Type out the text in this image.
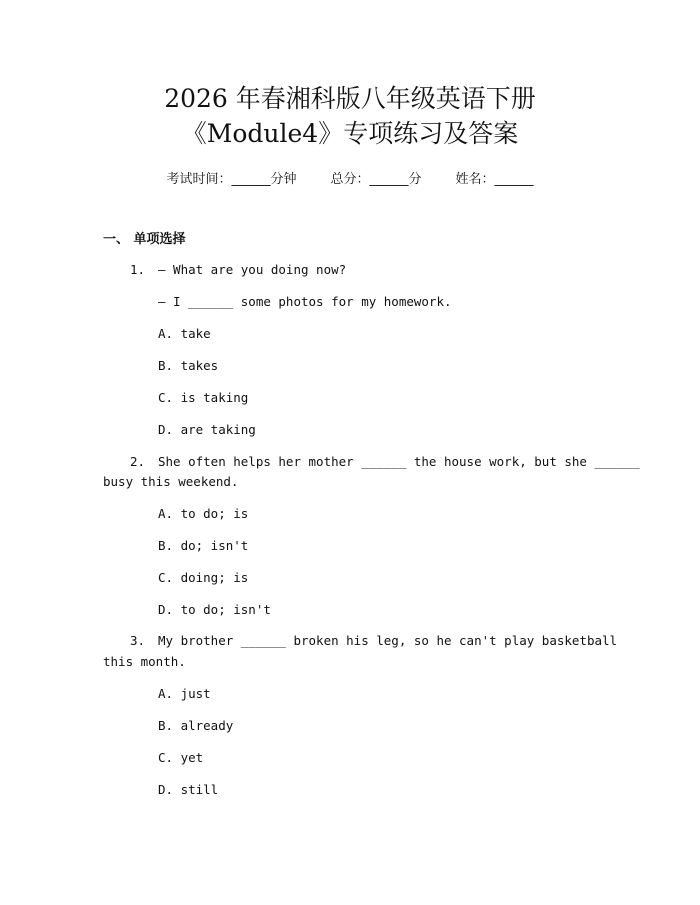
2026 年春湘科版八年级英语下册
《Module4》专项练习及答案
考试时间：______分钟	总分：______分	姓名：______
一、 单项选择
1. — What are you doing now?
— I ______ some photos for my homework.
A. take
B. takes
C. is taking
D. are taking
2. She often helps her mother ______ the house work, but she ______
busy this weekend.
A. to do; is
B. do; isn't
C. doing; is
D. to do; isn't
3. My brother ______ broken his leg, so he can't play basketball
this month.
A. just
B. already
C. yet
D. still
